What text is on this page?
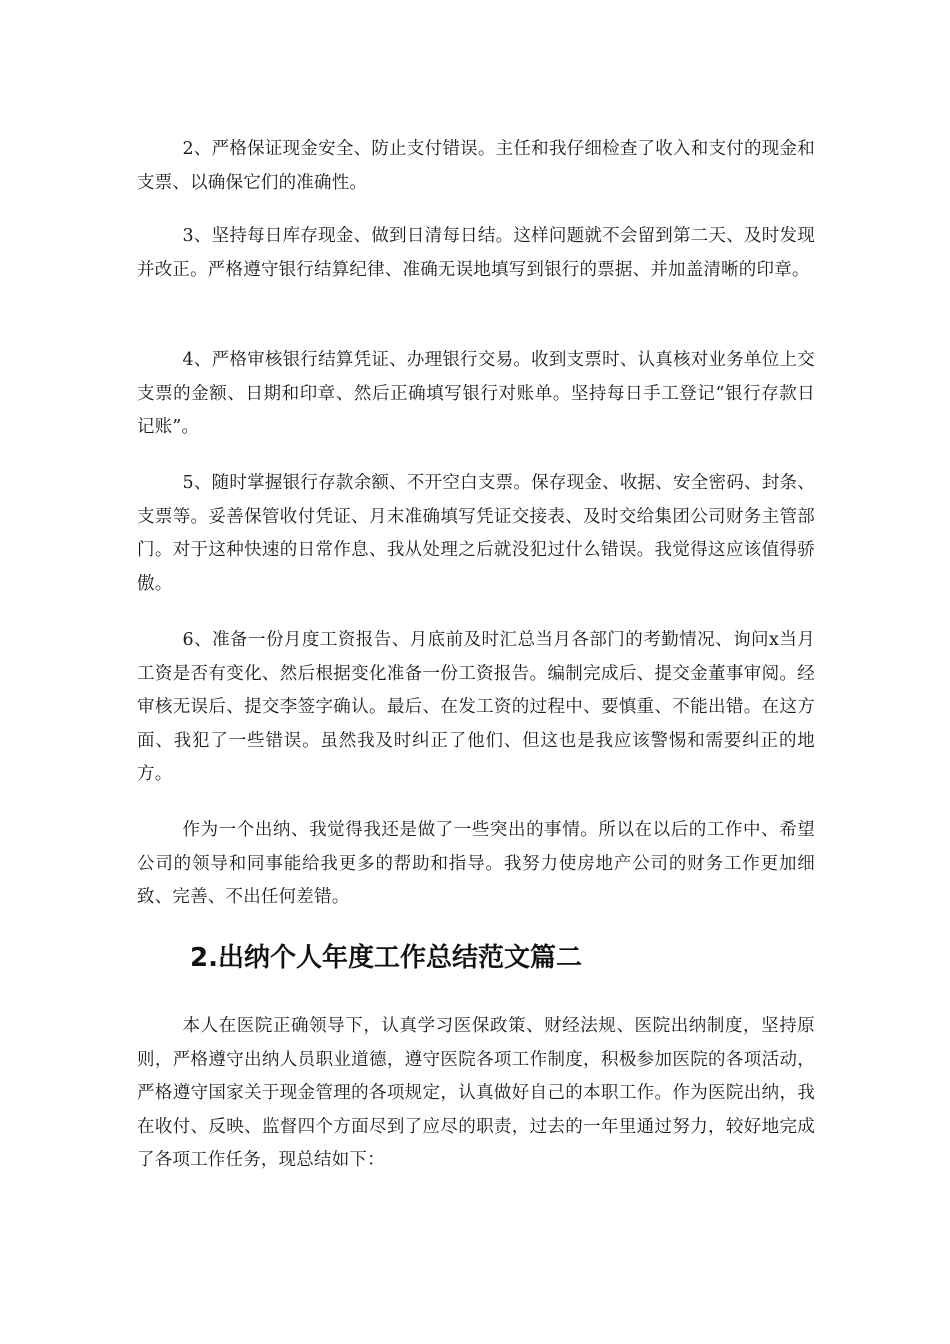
2、严格保证现金安全、防止支付错误。主任和我仔细检查了收入和支付的现金和支票、以确保它们的准确性。

3、坚持每日库存现金、做到日清每日结。这样问题就不会留到第二天、及时发现并改正。严格遵守银行结算纪律、准确无误地填写到银行的票据、并加盖清晰的印章。

4、严格审核银行结算凭证、办理银行交易。收到支票时、认真核对业务单位上交支票的金额、日期和印章、然后正确填写银行对账单。坚持每日手工登记“银行存款日记账”。

5、随时掌握银行存款余额、不开空白支票。保存现金、收据、安全密码、封条、支票等。妥善保管收付凭证、月末准确填写凭证交接表、及时交给集团公司财务主管部门。对于这种快速的日常作息、我从处理之后就没犯过什么错误。我觉得这应该值得骄傲。

6、准备一份月度工资报告、月底前及时汇总当月各部门的考勤情况、询问x当月工资是否有变化、然后根据变化准备一份工资报告。编制完成后、提交金董事审阅。经审核无误后、提交李签字确认。最后、在发工资的过程中、要慎重、不能出错。在这方面、我犯了一些错误。虽然我及时纠正了他们、但这也是我应该警惕和需要纠正的地方。

作为一个出纳、我觉得我还是做了一些突出的事情。所以在以后的工作中、希望公司的领导和同事能给我更多的帮助和指导。我努力使房地产公司的财务工作更加细致、完善、不出任何差错。

2.出纳个人年度工作总结范文篇二

本人在医院正确领导下，认真学习医保政策、财经法规、医院出纳制度，坚持原则，严格遵守出纳人员职业道德，遵守医院各项工作制度，积极参加医院的各项活动，严格遵守国家关于现金管理的各项规定，认真做好自己的本职工作。作为医院出纳，我在收付、反映、监督四个方面尽到了应尽的职责，过去的一年里通过努力，较好地完成了各项工作任务，现总结如下：
